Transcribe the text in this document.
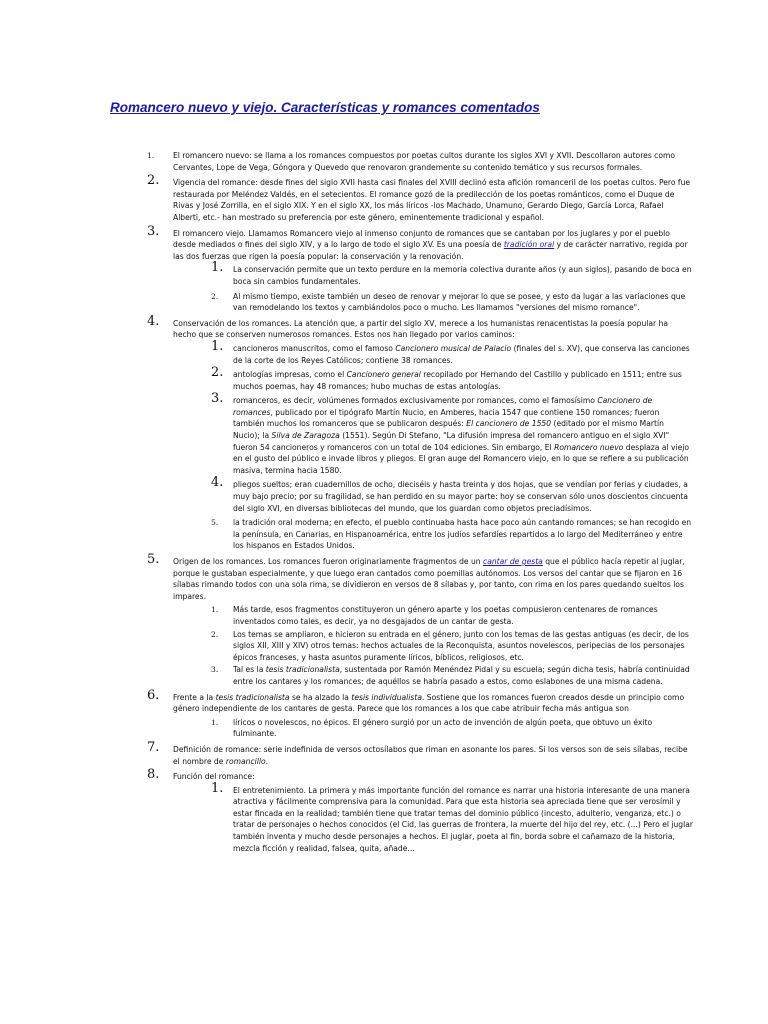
Romancero nuevo y viejo. Características y romances comentados
1. El romancero nuevo: se llama a los romances compuestos por poetas cultos durante los siglos XVI y XVII. Descollaron autores como Cervantes, Lope de Vega, Góngora y Quevedo que renovaron grandemente su contenido temático y sus recursos formales.
2. Vigencia del romance: desde fines del siglo XVII hasta casi finales del XVIII declinó esta afición romanceril de los poetas cultos. Pero fue restaurada por Meléndez Valdés, en el setecientos. El romance gozó de la predilección de los poetas románticos, como el Duque de Rivas y José Zorrilla, en el siglo XIX. Y en el siglo XX, los más líricos -los Machado, Unamuno, Gerardo Diego, García Lorca, Rafael Alberti, etc.- han mostrado su preferencia por este género, eminentemente tradicional y español.
3. El romancero viejo. Llamamos Romancero viejo al inmenso conjunto de romances que se cantaban por los juglares y por el pueblo desde mediados o fines del siglo XIV, y a lo largo de todo el siglo XV. Es una poesía de tradición oral y de carácter narrativo, regida por las dos fuerzas que rigen la poesía popular: la conservación y la renovación.
1. La conservación permite que un texto perdure en la memoria colectiva durante años (y aun siglos), pasando de boca en boca sin cambios fundamentales.
2. Al mismo tiempo, existe también un deseo de renovar y mejorar lo que se posee, y esto da lugar a las variaciones que van remodelando los textos y cambiándolos poco o mucho. Les llamamos "versiones del mismo romance".
4. Conservación de los romances. La atención que, a partir del siglo XV, merece a los humanistas renacentistas la poesía popular ha hecho que se conserven numerosos romances. Estos nos han llegado por varios caminos:
1. cancioneros manuscritos, como el famoso Cancionero musical de Palacio (finales del s. XV), que conserva las canciones de la corte de los Reyes Católicos; contiene 38 romances.
2. antologías impresas, como el Cancionero general recopilado por Hernando del Castillo y publicado en 1511; entre sus muchos poemas, hay 48 romances; hubo muchas de estas antologías.
3. romanceros, es decir, volúmenes formados exclusivamente por romances, como el famosísimo Cancionero de romances, publicado por el tipógrafo Martín Nucio, en Amberes, hacia 1547 que contiene 150 romances; fueron también muchos los romanceros que se publicaron después: El cancionero de 1550 (editado por el mismo Martín Nucio); la Silva de Zaragoza (1551). Según Di Stefano, "La difusión impresa del romancero antiguo en el siglo XVI" fueron 54 cancioneros y romanceros con un total de 104 ediciones. Sin embargo, El Romancero nuevo desplaza al viejo en el gusto del público e invade libros y pliegos. El gran auge del Romancero viejo, en lo que se refiere a su publicación masiva, termina hacia 1580.
4. pliegos sueltos; eran cuadernillos de ocho, dieciséis y hasta treinta y dos hojas, que se vendían por ferias y ciudades, a muy bajo precio; por su fragilidad, se han perdido en su mayor parte: hoy se conservan sólo unos doscientos cincuenta del siglo XVI, en diversas bibliotecas del mundo, que los guardan como objetos preciadísimos.
5. la tradición oral moderna; en efecto, el pueblo continuaba hasta hace poco aún cantando romances; se han recogido en la península, en Canarias, en Hispanoamérica, entre los judíos sefardíes repartidos a lo largo del Mediterráneo y entre los hispanos en Estados Unidos.
5. Origen de los romances. Los romances fueron originariamente fragmentos de un cantar de gesta que el público hacía repetir al juglar, porque le gustaban especialmente, y que luego eran cantados como poemillas autónomos. Los versos del cantar que se fijaron en 16 sílabas rimando todos con una sola rima, se dividieron en versos de 8 sílabas y, por tanto, con rima en los pares quedando sueltos los impares.
1. Más tarde, esos fragmentos constituyeron un género aparte y los poetas compusieron centenares de romances inventados como tales, es decir, ya no desgajados de un cantar de gesta.
2. Los temas se ampliaron, e hicieron su entrada en el género, junto con los temas de las gestas antiguas (es decir, de los siglos XII, XIII y XIV) otros temas: hechos actuales de la Reconquista, asuntos novelescos, peripecias de los personajes épicos franceses, y hasta asuntos puramente líricos, bíblicos, religiosos, etc.
3. Tal es la tesis tradicionalista, sustentada por Ramón Menéndez Pidal y su escuela; según dicha tesis, habría continuidad entre los cantares y los romances; de aquéllos se habría pasado a estos, como eslabones de una misma cadena.
6. Frente a la tesis tradicionalista se ha alzado la tesis individualista. Sostiene que los romances fueron creados desde un principio como género independiente de los cantares de gesta. Parece que los romances a los que cabe atribuir fecha más antigua son
1. líricos o novelescos, no épicos. El género surgió por un acto de invención de algún poeta, que obtuvo un éxito fulminante.
7. Definición de romance: serie indefinida de versos octosílabos que riman en asonante los pares. Si los versos son de seis sílabas, recibe el nombre de romancillo.
8. Función del romance:
1. El entretenimiento. La primera y más importante función del romance es narrar una historia interesante de una manera atractiva y fácilmente comprensiva para la comunidad. Para que esta historia sea apreciada tiene que ser verosímil y estar fincada en la realidad; también tiene que tratar temas del dominio público (incesto, adulterio, venganza, etc.) o tratar de personajes o hechos conocidos (el Cid, las guerras de frontera, la muerte del hijo del rey, etc. (...) Pero el juglar también inventa y mucho desde personajes a hechos. El juglar, poeta al fin, borda sobre el cañamazo de la historia, mezcla ficción y realidad, falsea, quita, añade...
